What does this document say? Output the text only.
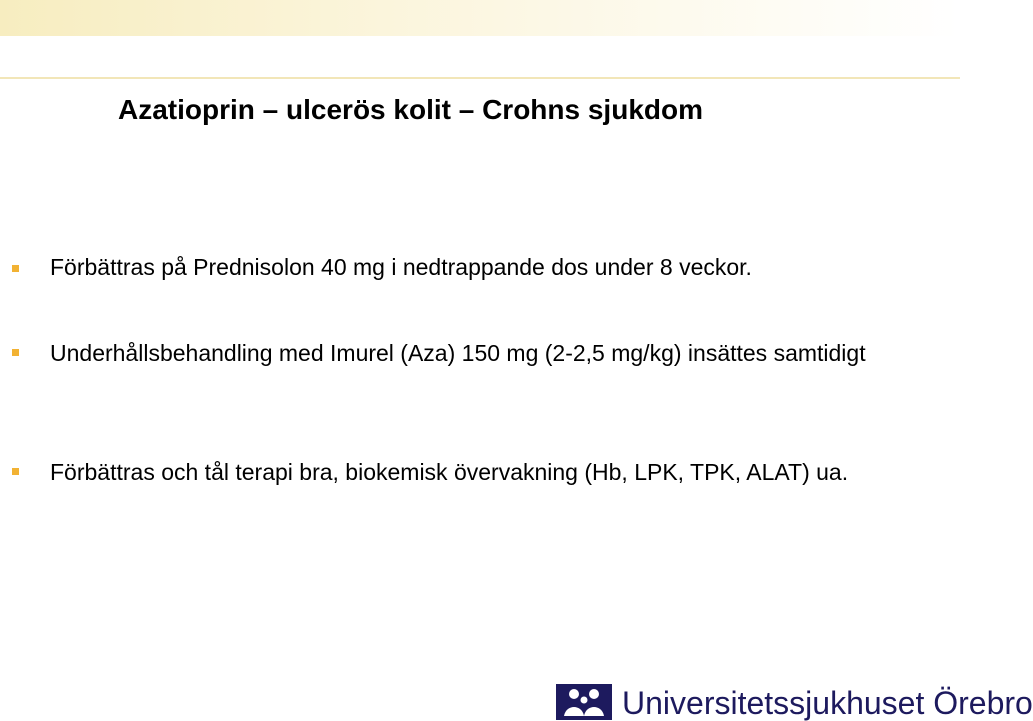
Azatioprin – ulcerös kolit – Crohns sjukdom
Förbättras på Prednisolon 40 mg i nedtrappande dos under 8 veckor.
Underhållsbehandling med Imurel (Aza) 150 mg (2-2,5 mg/kg) insättes samtidigt
Förbättras och tål terapi bra, biokemisk övervakning (Hb, LPK, TPK, ALAT) ua.
Universitetssjukhuset Örebro
